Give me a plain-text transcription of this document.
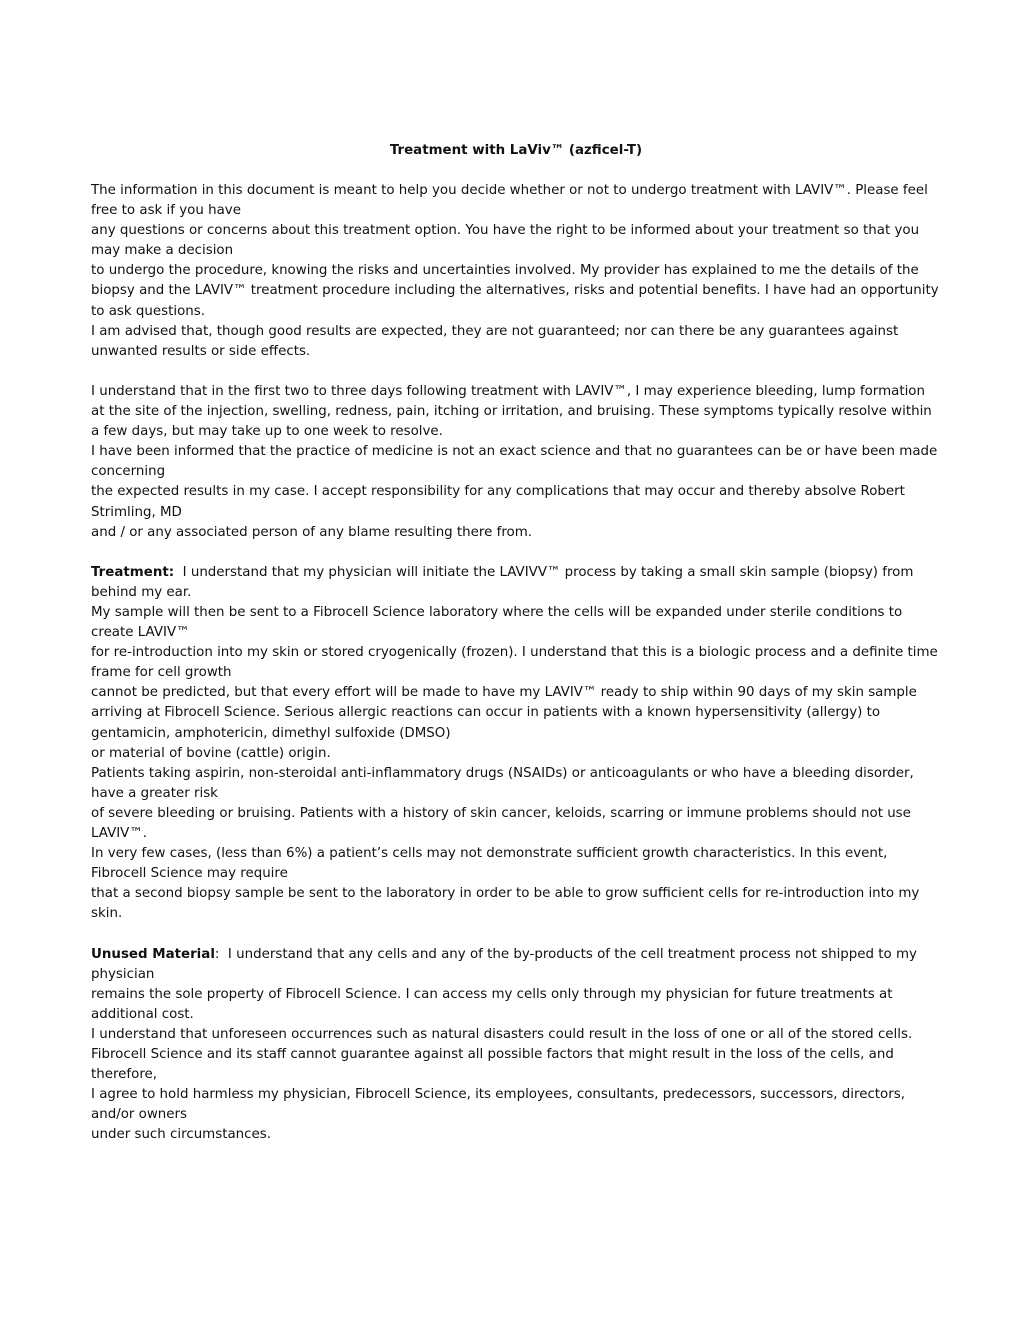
Treatment with LaViv™ (azficel-T)
The information in this document is meant to help you decide whether or not to undergo treatment with LAVIV™. Please feel free to ask if you have
any questions or concerns about this treatment option. You have the right to be informed about your treatment so that you may make a decision
to undergo the procedure, knowing the risks and uncertainties involved. My provider has explained to me the details of the biopsy and the LAVIV™ treatment procedure including the alternatives, risks and potential benefits. I have had an opportunity to ask questions.
I am advised that, though good results are expected, they are not guaranteed; nor can there be any guarantees against unwanted results or side effects.
I understand that in the first two to three days following treatment with LAVIV™, I may experience bleeding, lump formation at the site of the injection, swelling, redness, pain, itching or irritation, and bruising. These symptoms typically resolve within a few days, but may take up to one week to resolve.
I have been informed that the practice of medicine is not an exact science and that no guarantees can be or have been made concerning
the expected results in my case. I accept responsibility for any complications that may occur and thereby absolve Robert Strimling, MD
and / or any associated person of any blame resulting there from.
Treatment:  I understand that my physician will initiate the LAVIVV™ process by taking a small skin sample (biopsy) from behind my ear.
My sample will then be sent to a Fibrocell Science laboratory where the cells will be expanded under sterile conditions to create LAVIV™
for re-introduction into my skin or stored cryogenically (frozen). I understand that this is a biologic process and a definite time frame for cell growth
cannot be predicted, but that every effort will be made to have my LAVIV™ ready to ship within 90 days of my skin sample arriving at Fibrocell Science. Serious allergic reactions can occur in patients with a known hypersensitivity (allergy) to gentamicin, amphotericin, dimethyl sulfoxide (DMSO)
or material of bovine (cattle) origin.
Patients taking aspirin, non-steroidal anti-inflammatory drugs (NSAIDs) or anticoagulants or who have a bleeding disorder, have a greater risk
of severe bleeding or bruising. Patients with a history of skin cancer, keloids, scarring or immune problems should not use LAVIV™.
In very few cases, (less than 6%) a patient’s cells may not demonstrate sufficient growth characteristics. In this event, Fibrocell Science may require
that a second biopsy sample be sent to the laboratory in order to be able to grow sufficient cells for re-introduction into my skin.
Unused Material:  I understand that any cells and any of the by-products of the cell treatment process not shipped to my physician
remains the sole property of Fibrocell Science. I can access my cells only through my physician for future treatments at additional cost.
I understand that unforeseen occurrences such as natural disasters could result in the loss of one or all of the stored cells.
Fibrocell Science and its staff cannot guarantee against all possible factors that might result in the loss of the cells, and therefore,
I agree to hold harmless my physician, Fibrocell Science, its employees, consultants, predecessors, successors, directors, and/or owners
under such circumstances.
